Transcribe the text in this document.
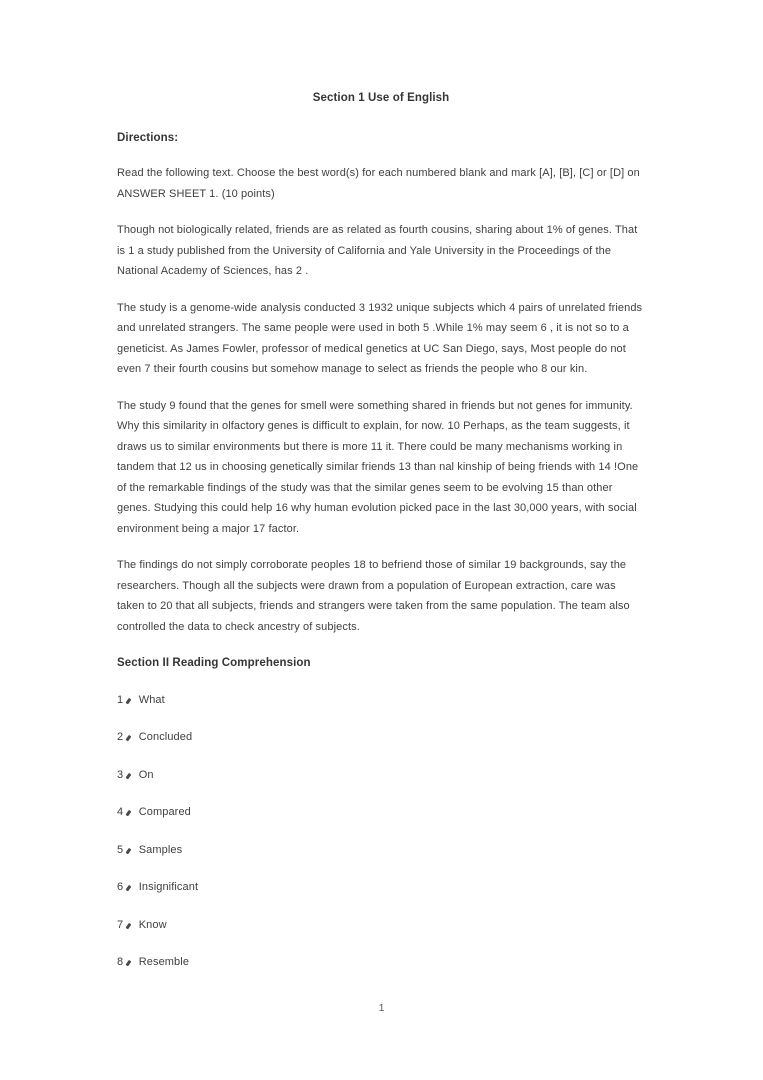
Section 1 Use of English
Directions:

Read the following text. Choose the best word(s) for each numbered blank and mark [A], [B], [C] or [D] on ANSWER SHEET 1. (10 points)

Though not biologically related, friends are as related as fourth cousins, sharing about 1% of genes. That is 1 a study published from the University of California and Yale University in the Proceedings of the National Academy of Sciences, has 2 .

The study is a genome-wide analysis conducted 3 1932 unique subjects which 4 pairs of unrelated friends and unrelated strangers. The same people were used in both 5 .While 1% may seem 6 , it is not so to a geneticist. As James Fowler, professor of medical genetics at UC San Diego, says, Most people do not even 7 their fourth cousins but somehow manage to select as friends the people who 8 our kin.

The study 9 found that the genes for smell were something shared in friends but not genes for immunity. Why this similarity in olfactory genes is difficult to explain, for now. 10 Perhaps, as the team suggests, it draws us to similar environments but there is more 11 it. There could be many mechanisms working in tandem that 12 us in choosing genetically similar friends 13 than nal kinship of being friends with 14 !One of the remarkable findings of the study was that the similar genes seem to be evolving 15 than other genes. Studying this could help 16 why human evolution picked pace in the last 30,000 years, with social environment being a major 17 factor.

The findings do not simply corroborate peoples 18 to befriend those of similar 19 backgrounds, say the researchers. Though all the subjects were drawn from a population of European extraction, care was taken to 20 that all subjects, friends and strangers were taken from the same population. The team also controlled the data to check ancestry of subjects.

Section II Reading Comprehension
1 What
2 Concluded
3 On
4 Compared
5 Samples
6 Insignificant
7 Know
8 Resemble
1
